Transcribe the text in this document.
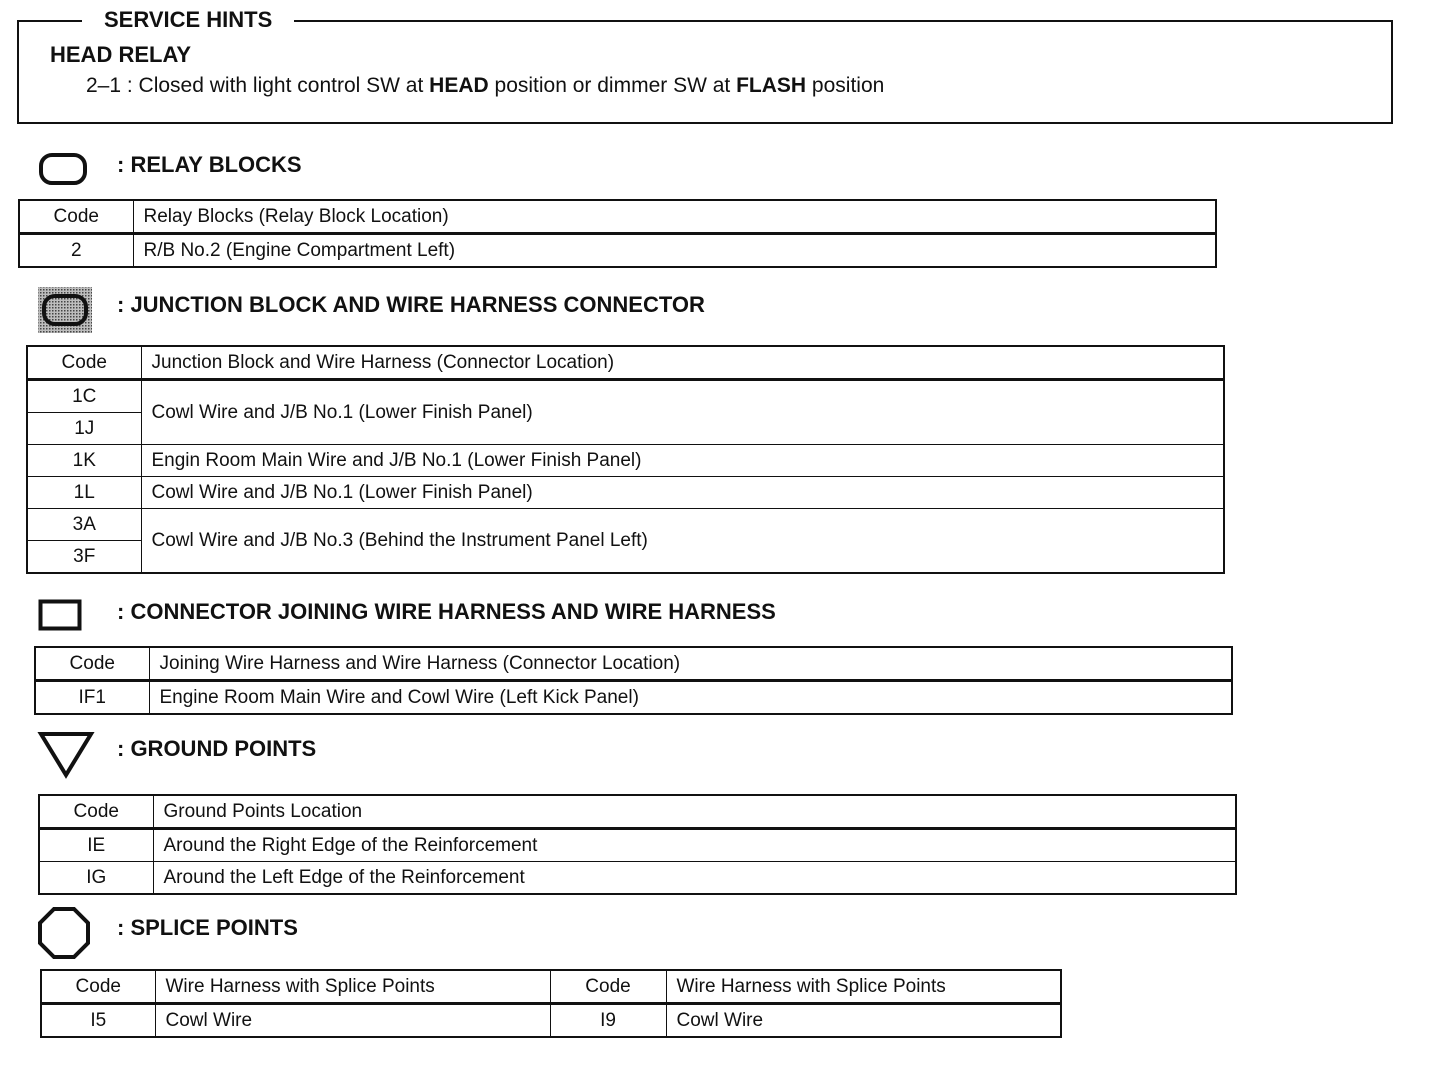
SERVICE HINTS
HEAD RELAY
2–1 : Closed with light control SW at HEAD position or dimmer SW at FLASH position
: RELAY BLOCKS
Code	Relay Blocks (Relay Block Location)
2	R/B No.2 (Engine Compartment Left)
: JUNCTION BLOCK AND WIRE HARNESS CONNECTOR
Code	Junction Block and Wire Harness (Connector Location)
1C	Cowl Wire and J/B No.1 (Lower Finish Panel)
1J	
1K	Engin Room Main Wire and J/B No.1 (Lower Finish Panel)
1L	Cowl Wire and J/B No.1 (Lower Finish Panel)
3A	Cowl Wire and J/B No.3 (Behind the Instrument Panel Left)
3F	
: CONNECTOR JOINING WIRE HARNESS AND WIRE HARNESS
Code	Joining Wire Harness and Wire Harness (Connector Location)
IF1	Engine Room Main Wire and Cowl Wire (Left Kick Panel)
: GROUND POINTS
Code	Ground Points Location
IE	Around the Right Edge of the Reinforcement
IG	Around the Left Edge of the Reinforcement
: SPLICE POINTS
Code	Wire Harness with Splice Points	Code	Wire Harness with Splice Points
I5	Cowl Wire	I9	Cowl Wire
